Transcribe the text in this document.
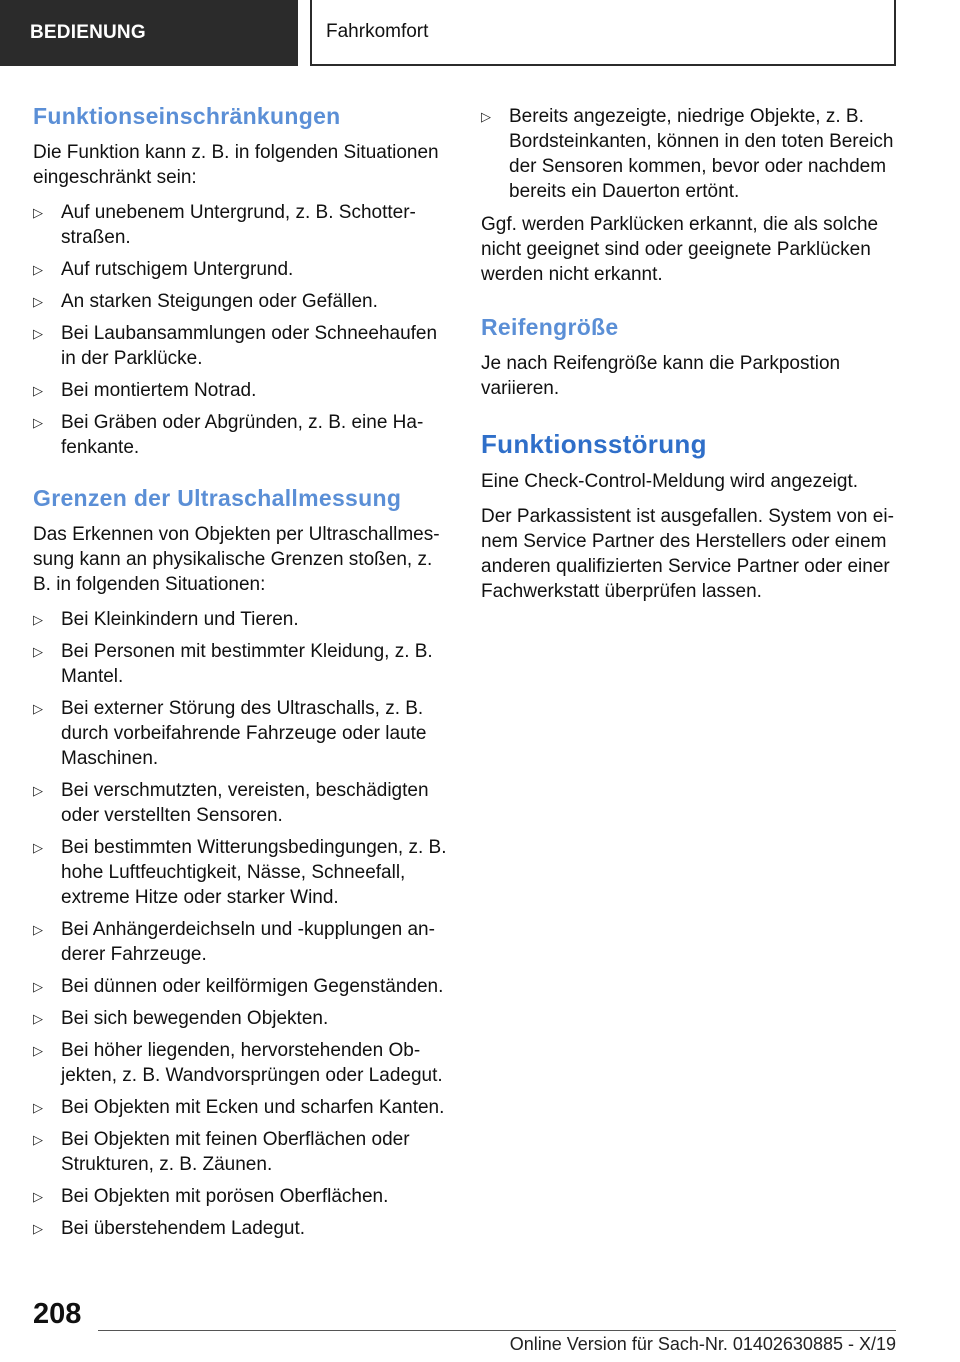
BEDIENUNG	Fahrkomfort
Funktionseinschränkungen

Die Funktion kann z. B. in folgenden Situationen eingeschränkt sein:

▷ Auf unebenem Untergrund, z. B. Schotterstraßen.
▷ Auf rutschigem Untergrund.
▷ An starken Steigungen oder Gefällen.
▷ Bei Laubansammlungen oder Schneehaufen in der Parklücke.
▷ Bei montiertem Notrad.
▷ Bei Gräben oder Abgründen, z. B. eine Hafenkante.
Grenzen der Ultraschallmessung

Das Erkennen von Objekten per Ultraschallmessung kann an physikalische Grenzen stoßen, z. B. in folgenden Situationen:

▷ Bei Kleinkindern und Tieren.
▷ Bei Personen mit bestimmter Kleidung, z. B. Mantel.
▷ Bei externer Störung des Ultraschalls, z. B. durch vorbeifahrende Fahrzeuge oder laute Maschinen.
▷ Bei verschmutzten, vereisten, beschädigten oder verstellten Sensoren.
▷ Bei bestimmten Witterungsbedingungen, z. B. hohe Luftfeuchtigkeit, Nässe, Schneefall, extreme Hitze oder starker Wind.
▷ Bei Anhängerdeichseln und ‑kupplungen anderer Fahrzeuge.
▷ Bei dünnen oder keilförmigen Gegenständen.
▷ Bei sich bewegenden Objekten.
▷ Bei höher liegenden, hervorstehenden Objekten, z. B. Wandvorsprüngen oder Ladegut.
▷ Bei Objekten mit Ecken und scharfen Kanten.
▷ Bei Objekten mit feinen Oberflächen oder Strukturen, z. B. Zäunen.
▷ Bei Objekten mit porösen Oberflächen.
▷ Bei überstehendem Ladegut.
▷ Bereits angezeigte, niedrige Objekte, z. B. Bordsteinkanten, können in den toten Bereich der Sensoren kommen, bevor oder nachdem bereits ein Dauerton ertönt.

Ggf. werden Parklücken erkannt, die als solche nicht geeignet sind oder geeignete Parklücken werden nicht erkannt.

Reifengröße

Je nach Reifengröße kann die Parkpostion variieren.

Funktionsstörung

Eine Check-Control-Meldung wird angezeigt.

Der Parkassistent ist ausgefallen. System von einem Service Partner des Herstellers oder einem anderen qualifizierten Service Partner oder einer Fachwerkstatt überprüfen lassen.

208
Online Version für Sach-Nr. 01402630885 - X/19
